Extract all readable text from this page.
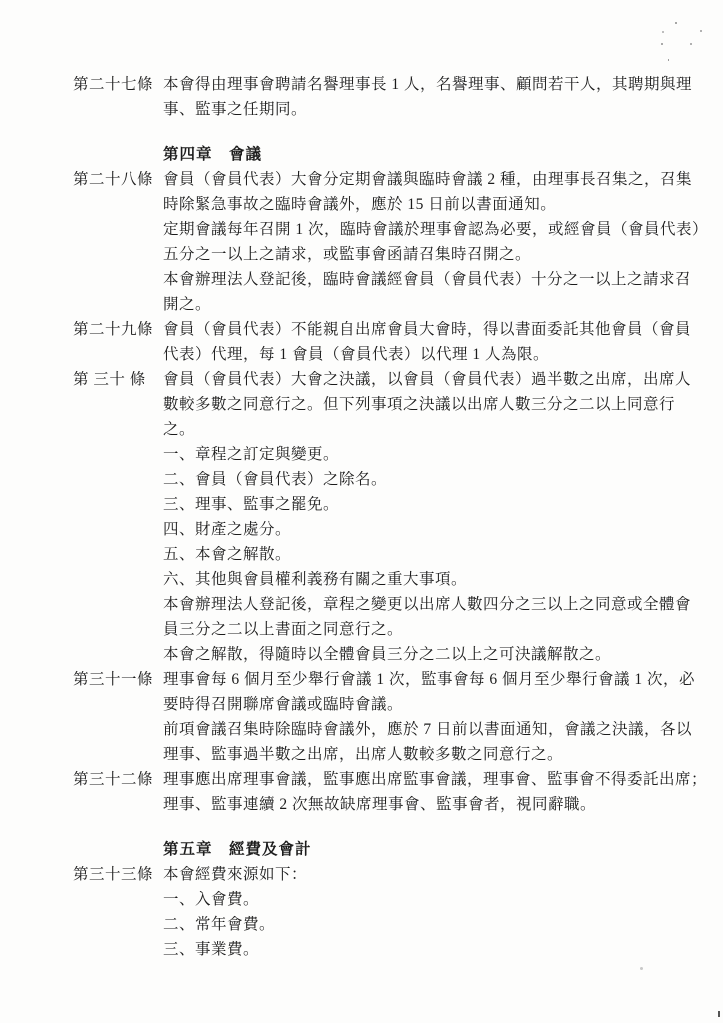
第二十七條 本會得由理事會聘請名譽理事長 1 人，名譽理事、顧問若干人，其聘期與理
事、監事之任期同。
第四章　會議
第二十八條 會員（會員代表）大會分定期會議與臨時會議 2 種，由理事長召集之，召集
時除緊急事故之臨時會議外，應於 15 日前以書面通知。
定期會議每年召開 1 次，臨時會議於理事會認為必要，或經會員（會員代表）
五分之一以上之請求，或監事會函請召集時召開之。
本會辦理法人登記後，臨時會議經會員（會員代表）十分之一以上之請求召
開之。
第二十九條 會員（會員代表）不能親自出席會員大會時，得以書面委託其他會員（會員
代表）代理，每 1 會員（會員代表）以代理 1 人為限。
第 三十 條	會員（會員代表）大會之決議，以會員（會員代表）過半數之出席，出席人
數較多數之同意行之。但下列事項之決議以出席人數三分之二以上同意行
之。
一、章程之訂定與變更。
二、會員（會員代表）之除名。
三、理事、監事之罷免。
四、財產之處分。
五、本會之解散。
六、其他與會員權利義務有關之重大事項。
本會辦理法人登記後，章程之變更以出席人數四分之三以上之同意或全體會
員三分之二以上書面之同意行之。
本會之解散，得隨時以全體會員三分之二以上之可決議解散之。
第三十一條 理事會每 6 個月至少舉行會議 1 次，監事會每 6 個月至少舉行會議 1 次，必
要時得召開聯席會議或臨時會議。
前項會議召集時除臨時會議外，應於 7 日前以書面通知，會議之決議，各以
理事、監事過半數之出席，出席人數較多數之同意行之。
第三十二條 理事應出席理事會議，監事應出席監事會議，理事會、監事會不得委託出席；
理事、監事連續 2 次無故缺席理事會、監事會者，視同辭職。
第五章　經費及會計
第三十三條 本會經費來源如下：
一、入會費。
二、常年會費。
三、事業費。
